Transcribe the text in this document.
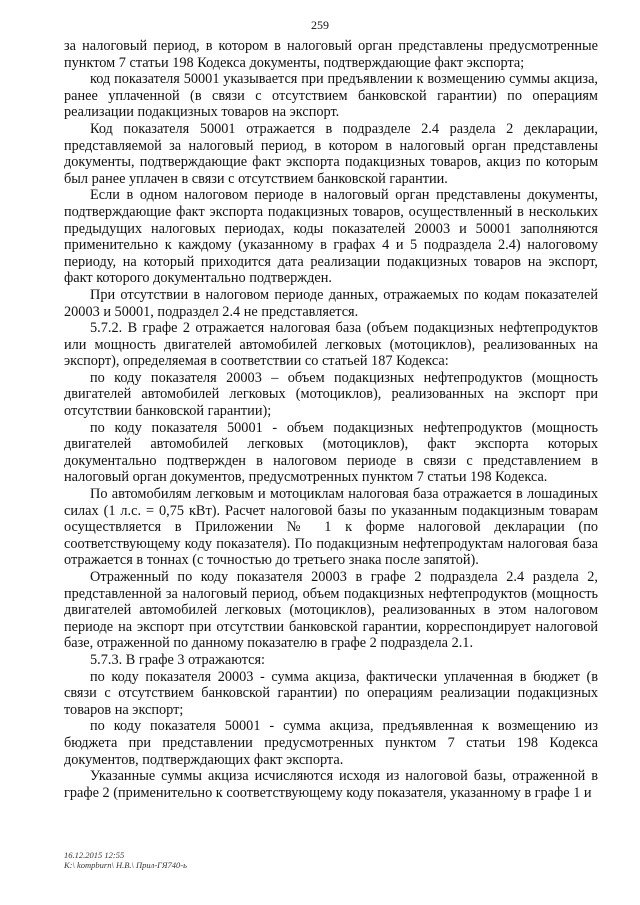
259

за налоговый период, в котором в налоговый орган представлены предусмотренные пунктом 7 статьи 198 Кодекса документы, подтверждающие факт экспорта;

код показателя 50001 указывается при предъявлении к возмещению суммы акциза, ранее уплаченной (в связи с отсутствием банковской гарантии) по операциям реализации подакцизных товаров на экспорт.

Код показателя 50001 отражается в подразделе 2.4 раздела 2 декларации, представляемой за налоговый период, в котором в налоговый орган представлены документы, подтверждающие факт экспорта подакцизных товаров, акциз по которым был ранее уплачен в связи с отсутствием банковской гарантии.

Если в одном налоговом периоде в налоговый орган представлены документы, подтверждающие факт экспорта подакцизных товаров, осуществленный в нескольких предыдущих налоговых периодах, коды показателей 20003 и 50001 заполняются применительно к каждому (указанному в графах 4 и 5 подраздела 2.4) налоговому периоду, на который приходится дата реализации подакцизных товаров на экспорт, факт которого документально подтвержден.

При отсутствии в налоговом периоде данных, отражаемых по кодам показателей 20003 и 50001, подраздел 2.4 не представляется.

5.7.2. В графе 2 отражается налоговая база (объем подакцизных нефтепродуктов или мощность двигателей автомобилей легковых (мотоциклов), реализованных на экспорт), определяемая в соответствии со статьей 187 Кодекса:

по коду показателя 20003 – объем подакцизных нефтепродуктов (мощность двигателей автомобилей легковых (мотоциклов), реализованных на экспорт при отсутствии банковской гарантии);

по коду показателя 50001 - объем подакцизных нефтепродуктов (мощность двигателей автомобилей легковых (мотоциклов), факт экспорта которых документально подтвержден в налоговом периоде в связи с представлением в налоговый орган документов, предусмотренных пунктом 7 статьи 198 Кодекса.

По автомобилям легковым и мотоциклам налоговая база отражается в лошадиных силах (1 л.с. = 0,75 кВт). Расчет налоговой базы по указанным подакцизным товарам осуществляется в Приложении № 1 к форме налоговой декларации (по соответствующему коду показателя). По подакцизным нефтепродуктам налоговая база отражается в тоннах (с точностью до третьего знака после запятой).

Отраженный по коду показателя 20003 в графе 2 подраздела 2.4 раздела 2, представленной за налоговый период, объем подакцизных нефтепродуктов (мощность двигателей автомобилей легковых (мотоциклов), реализованных в этом налоговом периоде на экспорт при отсутствии банковской гарантии, корреспондирует налоговой базе, отраженной по данному показателю в графе 2 подраздела 2.1.

5.7.3. В графе 3 отражаются:

по коду показателя 20003 - сумма акциза, фактически уплаченная в бюджет (в связи с отсутствием банковской гарантии) по операциям реализации подакцизных товаров на экспорт;

по коду показателя 50001 - сумма акциза, предъявленная к возмещению из бюджета при представлении предусмотренных пунктом 7 статьи 198 Кодекса документов, подтверждающих факт экспорта.

Указанные суммы акциза исчисляются исходя из налоговой базы, отраженной в графе 2 (применительно к соответствующему коду показателя, указанному в графе 1 и

16.12.2015 12:55
K:\ kompburn\ Н.В.\ Прил-ГЯ740-ь
